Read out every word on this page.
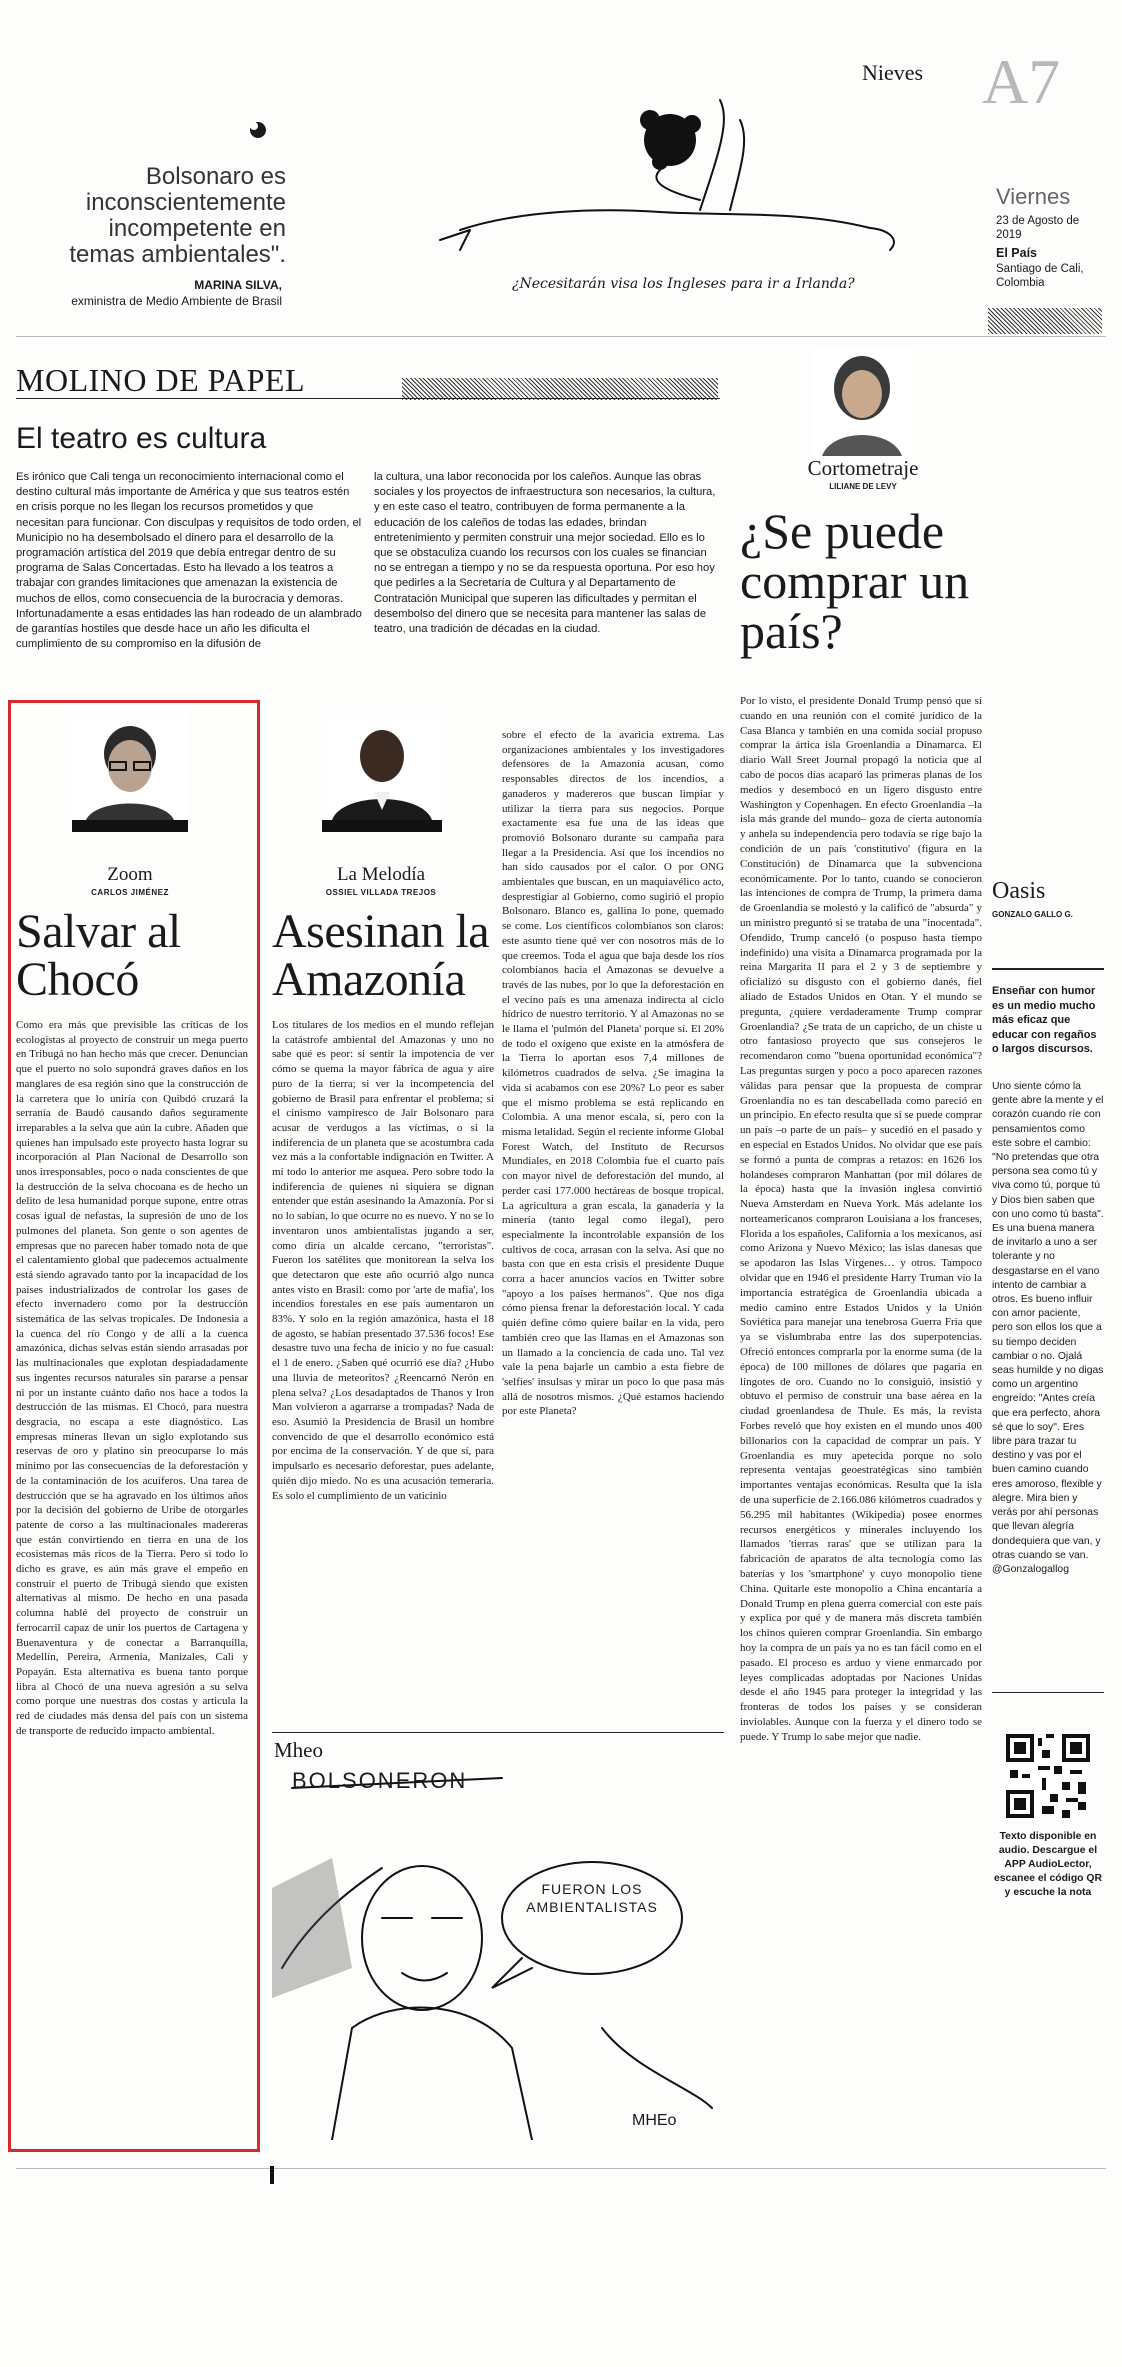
Nieves A7
Viernes
23 de Agosto de 2019
El País
Santiago de Cali, Colombia
Bolsonaro es inconscientemente incompetente en temas ambientales".
MARINA SILVA,
exministra de Medio Ambiente de Brasil
¿Necesitarán visa los Ingleses para ir a Irlanda?
MOLINO DE PAPEL
El teatro es cultura
Es irónico que Cali tenga un reconocimiento internacional como el destino cultural más importante de América y que sus teatros estén en crisis porque no les llegan los recursos prometidos y que necesitan para funcionar. Con disculpas y requisitos de todo orden, el Municipio no ha desembolsado el dinero para el desarrollo de la programación artística del 2019 que debía entregar dentro de su programa de Salas Concertadas. Esto ha llevado a los teatros a trabajar con grandes limitaciones que amenazan la existencia de muchos de ellos, como consecuencia de la burocracia y demoras. Infortunadamente a esas entidades las han rodeado de un alambrado de garantías hostiles que desde hace un año les dificulta el cumplimiento de su compromiso en la difusión de
la cultura, una labor reconocida por los caleños. Aunque las obras sociales y los proyectos de infraestructura son necesarios, la cultura, y en este caso el teatro, contribuyen de forma permanente a la educación de los caleños de todas las edades, brindan entretenimiento y permiten construir una mejor sociedad. Ello es lo que se obstaculiza cuando los recursos con los cuales se financian no se entregan a tiempo y no se da respuesta oportuna. Por eso hoy que pedirles a la Secretaría de Cultura y al Departamento de Contratación Municipal que superen las dificultades y permitan el desembolso del dinero que se necesita para mantener las salas de teatro, una tradición de décadas en la ciudad.
Cortometraje
LILIANE DE LEVY
¿Se puede comprar un país?
Por lo visto, el presidente Donald Trump pensó que sí cuando en una reunión con el comité jurídico de la Casa Blanca y también en una comida social propuso comprar la ártica isla Groenlandia a Dinamarca. El diario Wall Sreet Journal propagó la noticia que al cabo de pocos días acaparó las primeras planas de los medios y desembocó en un ligero disgusto entre Washington y Copenhagen. En efecto Groenlandia –la isla más grande del mundo– goza de cierta autonomía y anhela su independencia pero todavía se rige bajo la condición de un país 'constitutivo' (figura en la Constitución) de Dinamarca que la subvenciona económicamente. Por lo tanto, cuando se conocieron las intenciones de compra de Trump, la primera dama de Groenlandia se molestó y la calificó de "absurda" y un ministro preguntó si se trataba de una "inocentada". Ofendido, Trump canceló (o pospuso hasta tiempo indefinido) una visita a Dinamarca programada por la reina Margarita II para el 2 y 3 de septiembre y oficializó su disgusto con el gobierno danés, fiel aliado de Estados Unidos en Otan. Y el mundo se pregunta, ¿quiere verdaderamente Trump comprar Groenlandia? ¿Se trata de un capricho, de un chiste u otro fantasioso proyecto que sus consejeros le recomendaron como "buena oportunidad económica"? Las preguntas surgen y poco a poco aparecen razones válidas para pensar que la propuesta de comprar Groenlandia no es tan descabellada como pareció en un principio. En efecto resulta que sí se puede comprar un país –o parte de un país– y sucedió en el pasado y en especial en Estados Unidos. No olvidar que ese país se formó a punta de compras a retazos: en 1626 los holandeses compraron Manhattan (por mil dólares de la época) hasta que la invasión inglesa convirtió Nueva Amsterdam en Nueva York. Más adelante los norteamericanos compraron Louisiana a los franceses, Florida a los españoles, California a los mexicanos, así como Arizona y Nuevo México; las islas danesas que se apodaron las Islas Vírgenes… y otros. Tampoco olvidar que en 1946 el presidente Harry Truman vio la importancia estratégica de Groenlandia ubicada a medio camino entre Estados Unidos y la Unión Soviética para manejar una tenebrosa Guerra Fría que ya se vislumbraba entre las dos superpotencias. Ofreció entonces comprarla por la enorme suma (de la época) de 100 millones de dólares que pagaría en lingotes de oro. Cuando no lo consiguió, insistió y obtuvo el permiso de construir una base aérea en la ciudad groenlandesa de Thule. Es más, la revista Forbes reveló que hoy existen en el mundo unos 400 billonarios con la capacidad de comprar un país. Y Groenlandia es muy apetecida porque no solo representa ventajas geoestratégicas sino también importantes ventajas económicas. Resulta que la isla de una superficie de 2.166.086 kilómetros cuadrados y 56.295 mil habitantes (Wikipedia) posee enormes recursos energéticos y minerales incluyendo los llamados 'tierras raras' que se utilizan para la fabricación de aparatos de alta tecnología como las baterías y los 'smartphone' y cuyo monopolio tiene China. Quitarle este monopolio a China encantaría a Donald Trump en plena guerra comercial con este país y explica por qué y de manera más discreta también los chinos quieren comprar Groenlandia. Sin embargo hoy la compra de un país ya no es tan fácil como en el pasado. El proceso es arduo y viene enmarcado por leyes complicadas adoptadas por Naciones Unidas desde el año 1945 para proteger la integridad y las fronteras de todos los países y se consideran inviolables. Aunque con la fuerza y el dinero todo se puede. Y Trump lo sabe mejor que nadie.
Zoom
CARLOS JIMÉNEZ
Salvar al Chocó
Como era más que previsible las críticas de los ecologistas al proyecto de construir un mega puerto en Tribugá no han hecho más que crecer. Denuncian que el puerto no solo supondrá graves daños en los manglares de esa región sino que la construcción de la carretera que lo uniría con Quibdó cruzará la serranía de Baudó causando daños seguramente irreparables a la selva que aún la cubre. Añaden que quienes han impulsado este proyecto hasta lograr su incorporación al Plan Nacional de Desarrollo son unos irresponsables, poco o nada conscientes de que la destrucción de la selva chocoana es de hecho un delito de lesa humanidad porque supone, entre otras cosas igual de nefastas, la supresión de uno de los pulmones del planeta. Son gente o son agentes de empresas que no parecen haber tomado nota de que el calentamiento global que padecemos actualmente está siendo agravado tanto por la incapacidad de los países industrializados de controlar los gases de efecto invernadero como por la destrucción sistemática de las selvas tropicales. De Indonesia a la cuenca del río Congo y de allí a la cuenca amazónica, dichas selvas están siendo arrasadas por las multinacionales que explotan despiadadamente sus ingentes recursos naturales sin pararse a pensar ni por un instante cuánto daño nos hace a todos la destrucción de las mismas. El Chocó, para nuestra desgracia, no escapa a este diagnóstico. Las empresas mineras llevan un siglo explotando sus reservas de oro y platino sin preocuparse lo más mínimo por las consecuencias de la deforestación y de la contaminación de los acuíferos. Una tarea de destrucción que se ha agravado en los últimos años por la decisión del gobierno de Uribe de otorgarles patente de corso a las multinacionales madereras que están convirtiendo en tierra en una de los ecosistemas más ricos de la Tierra. Pero si todo lo dicho es grave, es aún más grave el empeño en construir el puerto de Tribugá siendo que existen alternativas al mismo. De hecho en una pasada columna hablé del proyecto de construir un ferrocarril capaz de unir los puertos de Cartagena y Buenaventura y de conectar a Barranquilla, Medellín, Pereira, Armenia, Manizales, Cali y Popayán. Esta alternativa es buena tanto porque libra al Chocó de una nueva agresión a su selva como porque une nuestras dos costas y articula la red de ciudades más densa del país con un sistema de transporte de reducido impacto ambiental.
La Melodía
OSSIEL VILLADA TREJOS
Asesinan la Amazonía
Los titulares de los medios en el mundo reflejan la catástrofe ambiental del Amazonas y uno no sabe qué es peor: si sentir la impotencia de ver cómo se quema la mayor fábrica de agua y aire puro de la tierra; si ver la incompetencia del gobierno de Brasil para enfrentar el problema; si el cinismo vampiresco de Jair Bolsonaro para acusar de verdugos a las víctimas, o si la indiferencia de un planeta que se acostumbra cada vez más a la confortable indignación en Twitter. A mí todo lo anterior me asquea. Pero sobre todo la indiferencia de quienes ni siquiera se dignan entender que están asesinando la Amazonía. Por si no lo sabían, lo que ocurre no es nuevo. Y no se lo inventaron unos ambientalistas jugando a ser, como diría un alcalde cercano, "terroristas". Fueron los satélites que monitorean la selva los que detectaron que este año ocurrió algo nunca antes visto en Brasil: como por 'arte de mafia', los incendios forestales en ese país aumentaron un 83%. Y solo en la región amazónica, hasta el 18 de agosto, se habían presentado 37.536 focos! Ese desastre tuvo una fecha de inicio y no fue casual: el 1 de enero. ¿Saben qué ocurrió ese día? ¿Hubo una lluvia de meteoritos? ¿Reencarnó Nerón en plena selva? ¿Los desadaptados de Thanos y Iron Man volvieron a agarrarse a trompadas? Nada de eso. Asumió la Presidencia de Brasil un hombre convencido de que el desarrollo económico está por encima de la conservación. Y de que sí, para impulsarlo es necesario deforestar, pues adelante, quién dijo miedo. No es una acusación temeraria. Es solo el cumplimiento de un vaticinio
sobre el efecto de la avaricia extrema. Las organizaciones ambientales y los investigadores defensores de la Amazonía acusan, como responsables directos de los incendios, a ganaderos y madereros que buscan limpiar y utilizar la tierra para sus negocios. Porque exactamente esa fue una de las ideas que promovió Bolsonaro durante su campaña para llegar a la Presidencia. Así que los incendios no han sido causados por el calor. O por ONG ambientales que buscan, en un maquiavélico acto, desprestigiar al Gobierno, como sugirió el propio Bolsonaro. Blanco es, gallina lo pone, quemado se come. Los científicos colombianos son claros: este asunto tiene qué ver con nosotros más de lo que creemos. Toda el agua que baja desde los ríos colombianos hacia el Amazonas se devuelve a través de las nubes, por lo que la deforestación en el vecino país es una amenaza indirecta al ciclo hídrico de nuestro territorio. Y al Amazonas no se le llama el 'pulmón del Planeta' porque sí. El 20% de todo el oxígeno que existe en la atmósfera de la Tierra lo aportan esos 7,4 millones de kilómetros cuadrados de selva. ¿Se imagina la vida si acabamos con ese 20%? Lo peor es saber que el mismo problema se está replicando en Colombia. A una menor escala, sí, pero con la misma letalidad. Según el reciente informe Global Forest Watch, del Instituto de Recursos Mundiales, en 2018 Colombia fue el cuarto país con mayor nivel de deforestación del mundo, al perder casi 177.000 hectáreas de bosque tropical. La agricultura a gran escala, la ganadería y la minería (tanto legal como ilegal), pero especialmente la incontrolable expansión de los cultivos de coca, arrasan con la selva. Así que no basta con que en esta crisis el presidente Duque corra a hacer anuncios vacíos en Twitter sobre "apoyo a los países hermanos". Que nos diga cómo piensa frenar la deforestación local. Y cada quién define cómo quiere bailar en la vida, pero también creo que las llamas en el Amazonas son un llamado a la conciencia de cada uno. Tal vez vale la pena bajarle un cambio a esta fiebre de 'selfies' insulsas y mirar un poco lo que pasa más allá de nosotros mismos. ¿Qué estamos haciendo por este Planeta?
Mheo
BOLSONERON
FUERON LOS AMBIENTALISTAS
MHEo
Oasis
GONZALO GALLO G.
Enseñar con humor es un medio mucho más eficaz que educar con regaños o largos discursos.
Uno siente cómo la gente abre la mente y el corazón cuando ríe con pensamientos como este sobre el cambio: "No pretendas que otra persona sea como tú y viva como tú, porque tú y Dios bien saben que con uno como tú basta". Es una buena manera de invitarlo a uno a ser tolerante y no desgastarse en el vano intento de cambiar a otros. Es bueno influir con amor paciente, pero son ellos los que a su tiempo deciden cambiar o no. Ojalá seas humilde y no digas como un argentino engreído: "Antes creía que era perfecto, ahora sé que lo soy". Eres libre para trazar tu destino y vas por el buen camino cuando eres amoroso, flexible y alegre. Mira bien y verás por ahí personas que llevan alegría dondequiera que van, y otras cuando se van. @Gonzalogallog
Texto disponible en audio. Descargue el APP AudioLector, escanee el código QR y escuche la nota
